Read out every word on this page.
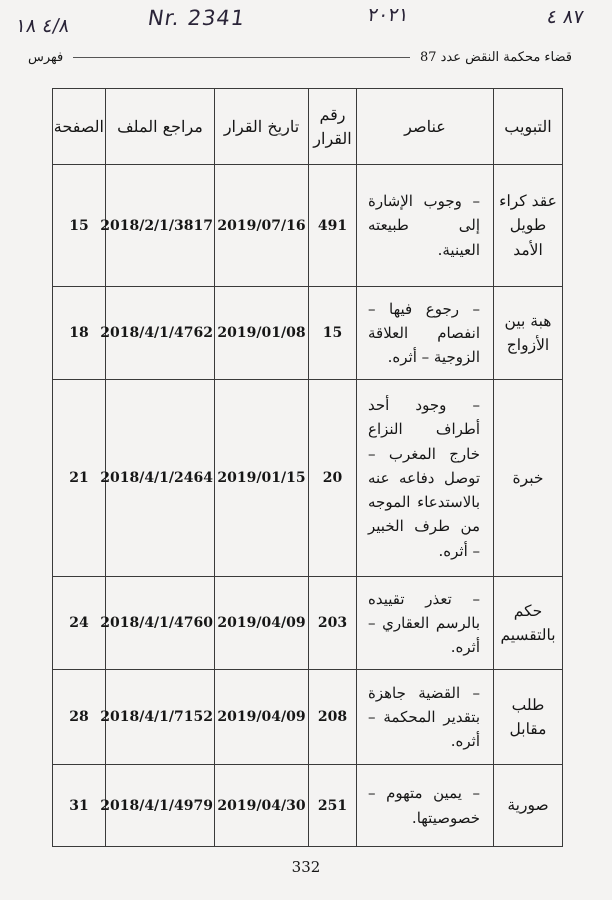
٤/٨ ١٨	Nr. 2341	٢٠٢١	٨٧ ٤
قضاء محكمة النقض عدد 87
فهرس
التبويب	عناصر	رقم القرار	تاريخ القرار	مراجع الملف	الصفحة
عقد كراء طويل الأمد	– وجوب الإشارة إلى طبيعته العينية.	491	2019/07/16	2018/2/1/3817	15
هبة بين الأزواج	– رجوع فيها – انفصام العلاقة الزوجية – أثره.	15	2019/01/08	2018/4/1/4762	18
خبرة	– وجود أحد أطراف النزاع خارج المغرب – توصل دفاعه عنه بالاستدعاء الموجه من طرف الخبير – أثره.	20	2019/01/15	2018/4/1/2464	21
حكم بالتقسيم	– تعذر تقييده بالرسم العقاري – أثره.	203	2019/04/09	2018/4/1/4760	24
طلب مقابل	– القضية جاهزة بتقدير المحكمة – أثره.	208	2019/04/09	2018/4/1/7152	28
صورية	– يمين متهوم – خصوصيتها.	251	2019/04/30	2018/4/1/4979	31
332
